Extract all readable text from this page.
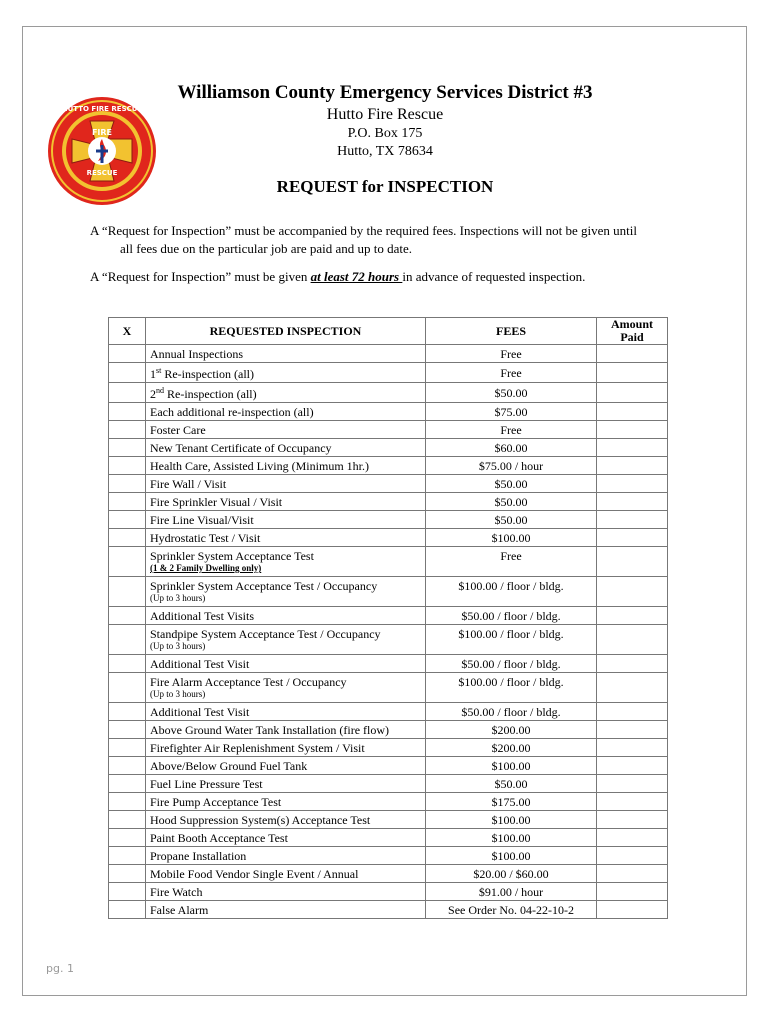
HUTTO FIRE RESCUE
FIRE
RESCUE
Williamson County Emergency Services District #3
Hutto Fire Rescue
P.O. Box 175
Hutto, TX 78634
REQUEST for INSPECTION
A “Request for Inspection” must be accompanied by the required fees. Inspections will not be given until
all fees due on the particular job are paid and up to date.
A “Request for Inspection” must be given at least 72 hours in advance of requested inspection.
X	REQUESTED INSPECTION	FEES	Amount
Paid
	Annual Inspections	Free	
	1st Re-inspection (all)	Free	
	2nd Re-inspection (all)	$50.00	
	Each additional re-inspection (all)	$75.00	
	Foster Care	Free	
	New Tenant Certificate of Occupancy	$60.00	
	Health Care, Assisted Living (Minimum 1hr.)	$75.00 / hour	
	Fire Wall / Visit	$50.00	
	Fire Sprinkler Visual / Visit	$50.00	
	Fire Line Visual/Visit	$50.00	
	Hydrostatic Test / Visit	$100.00	
	Sprinkler System Acceptance Test
(1 & 2 Family Dwelling only)	Free	
	Sprinkler System Acceptance Test / Occupancy
(Up to 3 hours)	$100.00 / floor / bldg.	
	Additional Test Visits	$50.00 / floor / bldg.	
	Standpipe System Acceptance Test / Occupancy
(Up to 3 hours)	$100.00 / floor / bldg.	
	Additional Test Visit	$50.00 / floor / bldg.	
	Fire Alarm Acceptance Test / Occupancy
(Up to 3 hours)	$100.00 / floor / bldg.	
	Additional Test Visit	$50.00 / floor / bldg.	
	Above Ground Water Tank Installation (fire flow)	$200.00	
	Firefighter Air Replenishment System / Visit	$200.00	
	Above/Below Ground Fuel Tank	$100.00	
	Fuel Line Pressure Test	$50.00	
	Fire Pump Acceptance Test	$175.00	
	Hood Suppression System(s) Acceptance Test	$100.00	
	Paint Booth Acceptance Test	$100.00	
	Propane Installation	$100.00	
	Mobile Food Vendor Single Event / Annual	$20.00 / $60.00	
	Fire Watch	$91.00 / hour	
	False Alarm	See Order No. 04-22-10-2	
pg. 1
